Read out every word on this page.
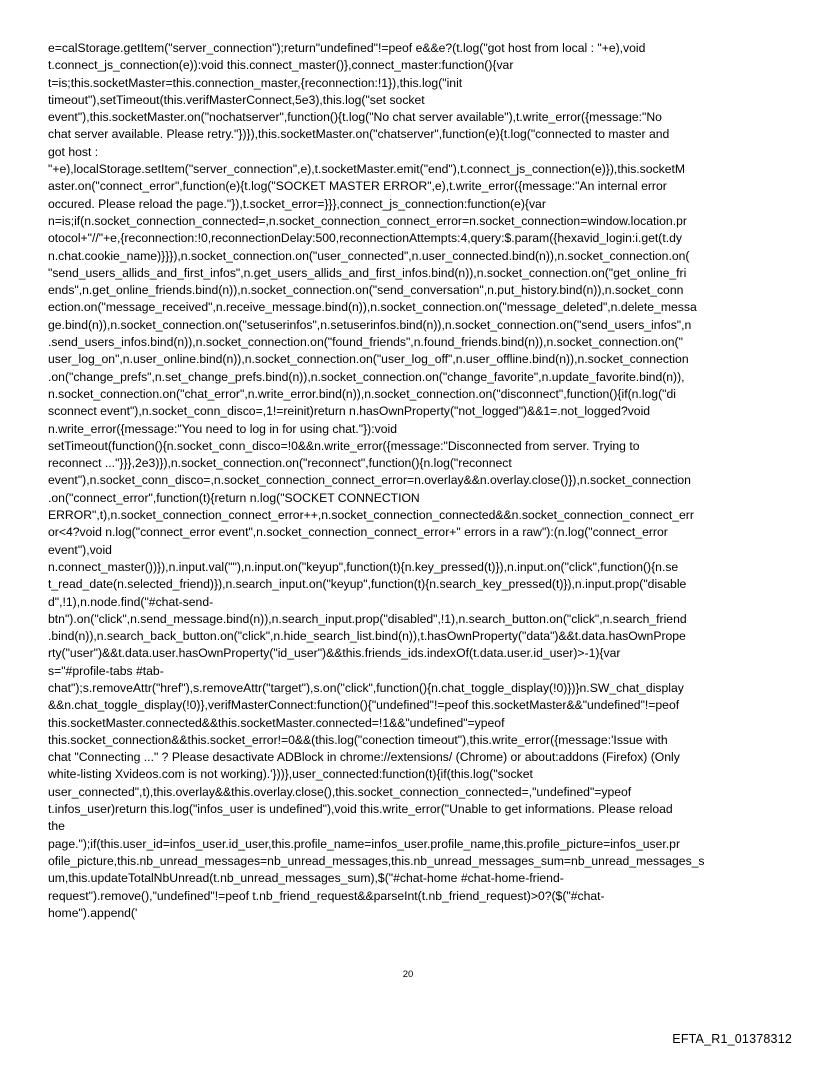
e=calStorage.getItem("server_connection");return"undefined"!=peof e&&e?(t.log("got host from local : "+e),void
t.connect_js_connection(e)):void this.connect_master()},connect_master:function(){var
t=is;this.socketMaster=this.connection_master,{reconnection:!1}),this.log("init
timeout"),setTimeout(this.verifMasterConnect,5e3),this.log("set socket
event"),this.socketMaster.on("nochatserver",function(){t.log("No chat server available"),t.write_error({message:"No
chat server available. Please retry."})}),this.socketMaster.on("chatserver",function(e){t.log("connected to master and
got host :
"+e),localStorage.setItem("server_connection",e),t.socketMaster.emit("end"),t.connect_js_connection(e)}),this.socketM
aster.on("connect_error",function(e){t.log("SOCKET MASTER ERROR",e),t.write_error({message:"An internal error
occured. Please reload the page."}),t.socket_error=}}},connect_js_connection:function(e){var
n=is;if(n.socket_connection_connected=,n.socket_connection_connect_error=n.socket_connection=window.location.pr
otocol+"//"+e,{reconnection:!0,reconnectionDelay:500,reconnectionAttempts:4,query:$.param({hexavid_login:i.get(t.dy
n.chat.cookie_name)}}}),n.socket_connection.on("user_connected",n.user_connected.bind(n)),n.socket_connection.on(
"send_users_allids_and_first_infos",n.get_users_allids_and_first_infos.bind(n)),n.socket_connection.on("get_online_fri
ends",n.get_online_friends.bind(n)),n.socket_connection.on("send_conversation",n.put_history.bind(n)),n.socket_conn
ection.on("message_received",n.receive_message.bind(n)),n.socket_connection.on("message_deleted",n.delete_messa
ge.bind(n)),n.socket_connection.on("setuserinfos",n.setuserinfos.bind(n)),n.socket_connection.on("send_users_infos",n
.send_users_infos.bind(n)),n.socket_connection.on("found_friends",n.found_friends.bind(n)),n.socket_connection.on("
user_log_on",n.user_online.bind(n)),n.socket_connection.on("user_log_off",n.user_offline.bind(n)),n.socket_connection
.on("change_prefs",n.set_change_prefs.bind(n)),n.socket_connection.on("change_favorite",n.update_favorite.bind(n)),
n.socket_connection.on("chat_error",n.write_error.bind(n)),n.socket_connection.on("disconnect",function(){if(n.log("di
sconnect event"),n.socket_conn_disco=,1!=reinit)return n.hasOwnProperty("not_logged")&&1=.not_logged?void
n.write_error({message:"You need to log in for using chat."}):void
setTimeout(function(){n.socket_conn_disco=!0&&n.write_error({message:"Disconnected from server. Trying to
reconnect ..."}}},2e3)}),n.socket_connection.on("reconnect",function(){n.log("reconnect
event"),n.socket_conn_disco=,n.socket_connection_connect_error=n.overlay&&n.overlay.close()}),n.socket_connection
.on("connect_error",function(t){return n.log("SOCKET CONNECTION
ERROR",t),n.socket_connection_connect_error++,n.socket_connection_connected&&n.socket_connection_connect_err
or<4?void n.log("connect_error event",n.socket_connection_connect_error+" errors in a raw"):(n.log("connect_error
event"),void
n.connect_master())}),n.input.val(""),n.input.on("keyup",function(t){n.key_pressed(t)}),n.input.on("click",function(){n.se
t_read_date(n.selected_friend)}),n.search_input.on("keyup",function(t){n.search_key_pressed(t)}),n.input.prop("disable
d",!1),n.node.find("#chat-send-
btn").on("click",n.send_message.bind(n)),n.search_input.prop("disabled",!1),n.search_button.on("click",n.search_friend
.bind(n)),n.search_back_button.on("click",n.hide_search_list.bind(n)),t.hasOwnProperty("data")&&t.data.hasOwnPrope
rty("user")&&t.data.user.hasOwnProperty("id_user")&&this.friends_ids.indexOf(t.data.user.id_user)>-1){var
s="#profile-tabs #tab-
chat");s.removeAttr("href"),s.removeAttr("target"),s.on("click",function(){n.chat_toggle_display(!0)})}n.SW_chat_display
&&n.chat_toggle_display(!0)},verifMasterConnect:function(){"undefined"!=peof this.socketMaster&&"undefined"!=peof
this.socketMaster.connected&&this.socketMaster.connected=!1&&"undefined"=ypeof
this.socket_connection&&this.socket_error!=0&&(this.log("conection timeout"),this.write_error({message:'Issue with
chat "Connecting ..." ? Please desactivate ADBlock in chrome://extensions/ (Chrome) or about:addons (Firefox) (Only
white-listing Xvideos.com is not working).'}))},user_connected:function(t){if(this.log("socket
user_connected",t),this.overlay&&this.overlay.close(),this.socket_connection_connected=,"undefined"=ypeof
t.infos_user)return this.log("infos_user is undefined"),void this.write_error("Unable to get informations. Please reload
the
page.");if(this.user_id=infos_user.id_user,this.profile_name=infos_user.profile_name,this.profile_picture=infos_user.pr
ofile_picture,this.nb_unread_messages=nb_unread_messages,this.nb_unread_messages_sum=nb_unread_messages_s
um,this.updateTotalNbUnread(t.nb_unread_messages_sum),$("#chat-home #chat-home-friend-
request").remove(),"undefined"!=peof t.nb_friend_request&&parseInt(t.nb_friend_request)>0?($("#chat-
home").append('
20
EFTA_R1_01378312
